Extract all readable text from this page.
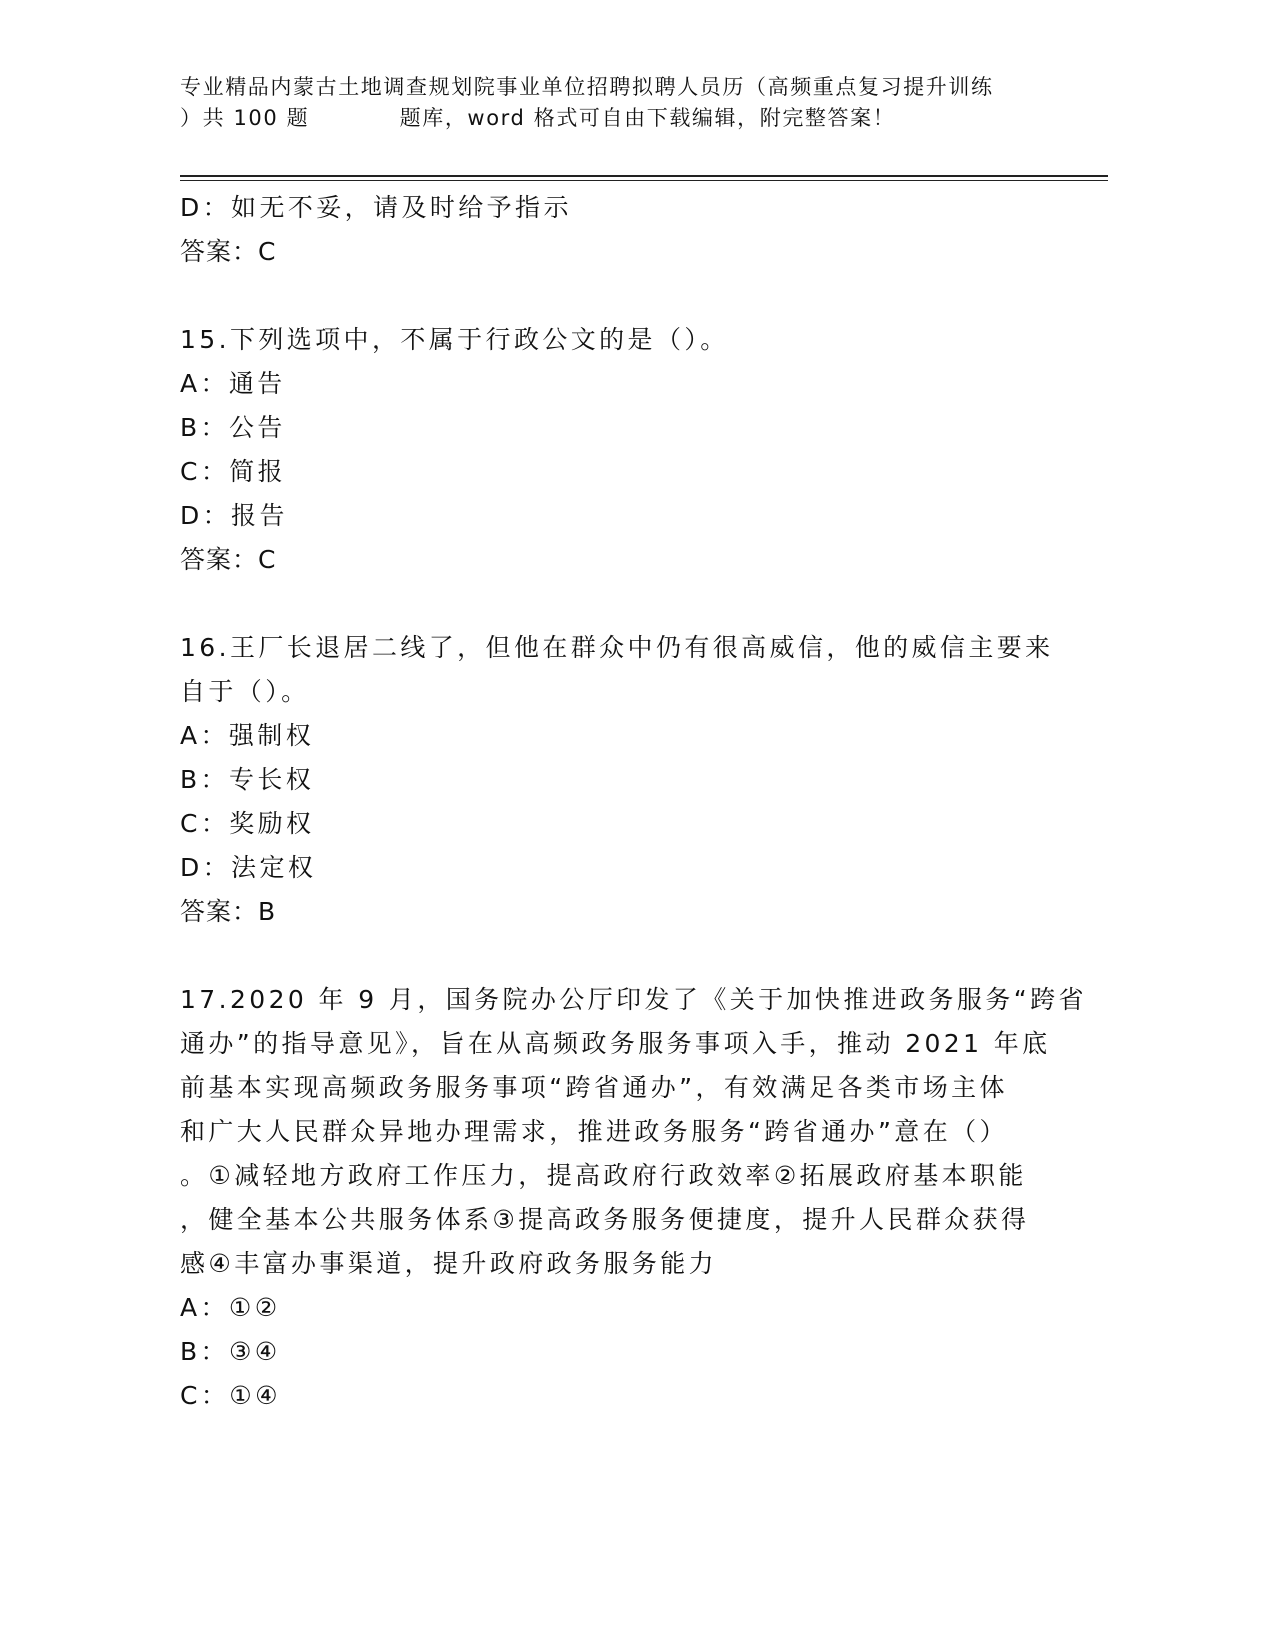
专业精品内蒙古土地调查规划院事业单位招聘拟聘人员历（高频重点复习提升训练
）共 100 题　　　　题库，word 格式可自由下载编辑，附完整答案！
D：如无不妥，请及时给予指示
答案：C
15.下列选项中，不属于行政公文的是（）。
A：通告
B：公告
C：简报
D：报告
答案：C
16.王厂长退居二线了，但他在群众中仍有很高威信，他的威信主要来
自于（）。
A：强制权
B：专长权
C：奖励权
D：法定权
答案：B
17.2020 年 9 月，国务院办公厅印发了《关于加快推进政务服务“跨省
通办”的指导意见》，旨在从高频政务服务事项入手，推动 2021 年底
前基本实现高频政务服务事项“跨省通办”，有效满足各类市场主体
和广大人民群众异地办理需求，推进政务服务“跨省通办”意在（）
。①减轻地方政府工作压力，提高政府行政效率②拓展政府基本职能
，健全基本公共服务体系③提高政务服务便捷度，提升人民群众获得
感④丰富办事渠道，提升政府政务服务能力
A：①②
B：③④
C：①④
